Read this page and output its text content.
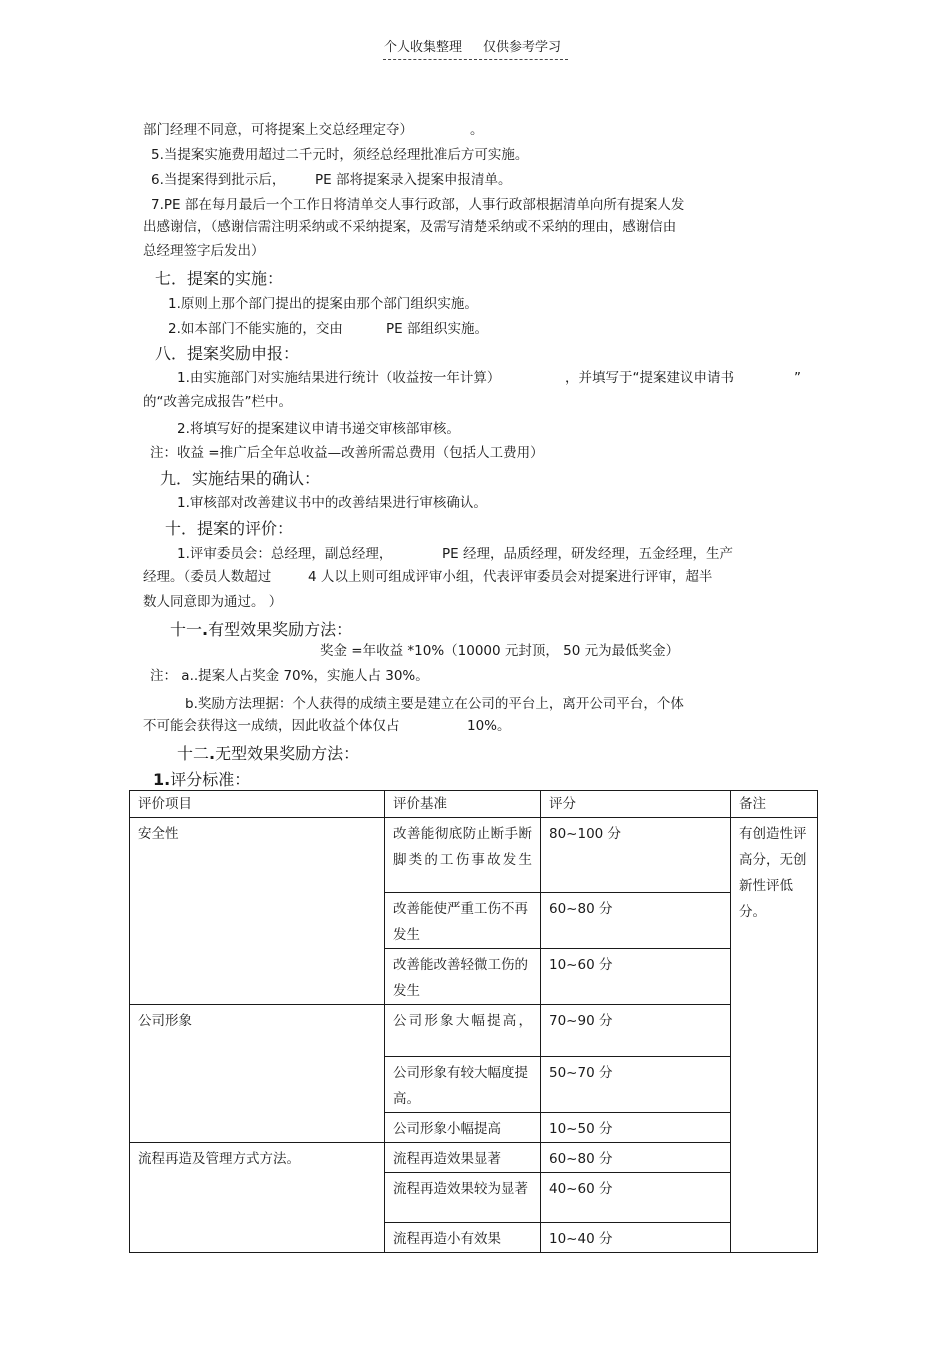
个人收集整理 仅供参考学习
部门经理不同意，可将提案上交总经理定夺）	。
5.当提案实施费用超过二千元时，须经总经理批准后方可实施。
6.当提案得到批示后， PE 部将提案录入提案申报清单。
7.PE 部在每月最后一个工作日将清单交人事行政部，人事行政部根据清单向所有提案人发
出感谢信，（感谢信需注明采纳或不采纳提案，及需写清楚采纳或不采纳的理由，感谢信由
总经理签字后发出）
七．提案的实施：
1.原则上那个部门提出的提案由那个部门组织实施。
2.如本部门不能实施的，交由	PE 部组织实施。
八．提案奖励申报：
1.由实施部门对实施结果进行统计（收益按一年计算）	，并填写于“提案建议申请书	”
的“改善完成报告”栏中。
2.将填写好的提案建议申请书递交审核部审核。
注：收益 =推广后全年总收益—改善所需总费用（包括人工费用）
九．实施结果的确认：
1.审核部对改善建议书中的改善结果进行审核确认。
十．提案的评价：
1.评审委员会：总经理，副总经理，	PE 经理，品质经理，研发经理，五金经理，生产
经理。（委员人数超过	4 人以上则可组成评审小组，代表评审委员会对提案进行评审，超半
数人同意即为通过。 ）
十一.有型效果奖励方法：
奖金 =年收益 *10%（10000 元封顶， 50 元为最低奖金）
注： a..提案人占奖金 70%，实施人占 30%。
b.奖励方法理据：个人获得的成绩主要是建立在公司的平台上，离开公司平台，个体
不可能会获得这一成绩，因此收益个体仅占	10%。
十二.无型效果奖励方法：
1.评分标准：
评价项目	评价基准	评分	备注
安全性	改善能彻底防止断手断脚类的工伤事故发生	80~100 分	有创造性评高分，无创新性评低分。
	改善能使严重工伤不再发生	60~80 分	
	改善能改善轻微工伤的发生	10~60 分	
公司形象	公司形象大幅提高，	70~90 分	
	公司形象有较大幅度提高。	50~70 分	
	公司形象小幅提高	10~50 分	
流程再造及管理方式方法。	流程再造效果显著	60~80 分	
	流程再造效果较为显著	40~60 分	
	流程再造小有效果	10~40 分	
